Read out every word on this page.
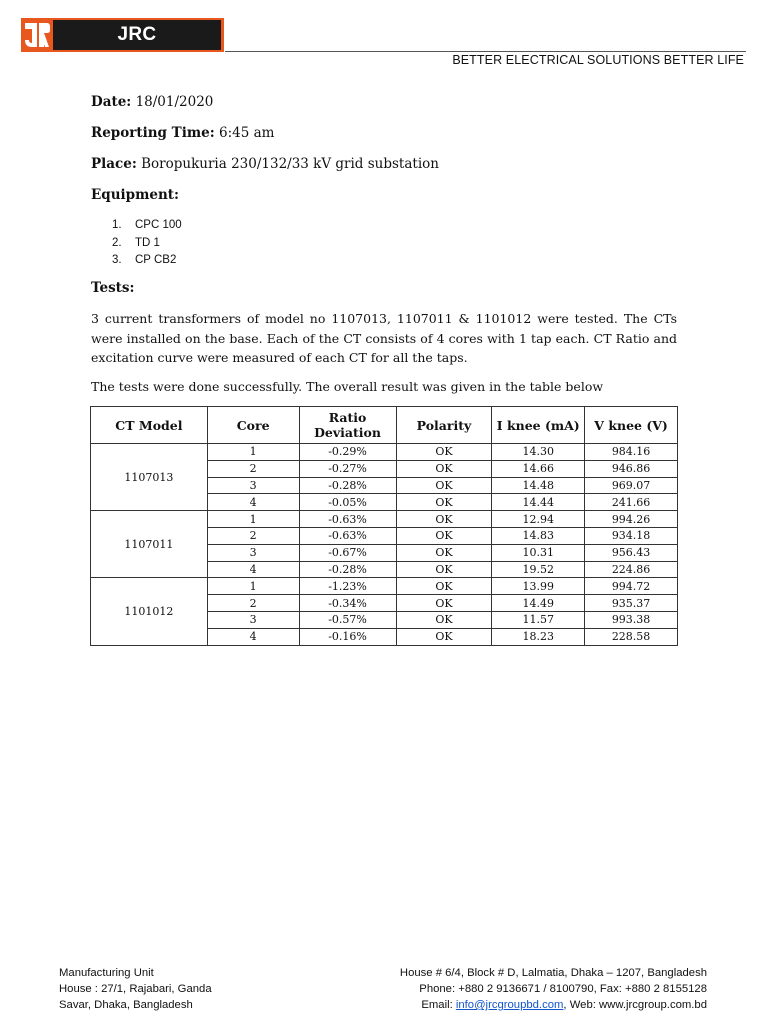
JRC POWERTECH	BETTER ELECTRICAL SOLUTIONS BETTER LIFE
Date: 18/01/2020
Reporting Time: 6:45 am
Place: Boropukuria 230/132/33 kV grid substation
Equipment:
1.	CPC 100
2.	TD 1
3.	CP CB2
Tests:
3 current transformers of model no 1107013, 1107011 & 1101012 were tested. The CTs were installed on the base. Each of the CT consists of 4 cores with 1 tap each. CT Ratio and excitation curve were measured of each CT for all the taps.
The tests were done successfully. The overall result was given in the table below
CT Model	Core	Ratio Deviation	Polarity	I knee (mA)	V knee (V)
1107013	1	-0.29%	OK	14.30	984.16
	2	-0.27%	OK	14.66	946.86
	3	-0.28%	OK	14.48	969.07
	4	-0.05%	OK	14.44	241.66
1107011	1	-0.63%	OK	12.94	994.26
	2	-0.63%	OK	14.83	934.18
	3	-0.67%	OK	10.31	956.43
	4	-0.28%	OK	19.52	224.86
1101012	1	-1.23%	OK	13.99	994.72
	2	-0.34%	OK	14.49	935.37
	3	-0.57%	OK	11.57	993.38
	4	-0.16%	OK	18.23	228.58
Manufacturing Unit
House : 27/1, Rajabari, Ganda
Savar, Dhaka, Bangladesh
House # 6/4, Block # D, Lalmatia, Dhaka – 1207, Bangladesh
Phone: +880 2 9136671 / 8100790, Fax: +880 2 8155128
Email: info@jrcgroupbd.com, Web: www.jrcgroup.com.bd
